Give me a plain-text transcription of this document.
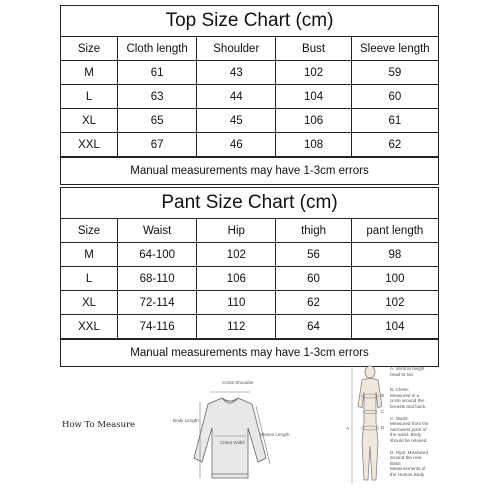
Top Size Chart (cm)
Size	Cloth length	Shoulder	Bust	Sleeve length
M	61	43	102	59
L	63	44	104	60
XL	65	45	106	61
XXL	67	46	108	62
Manual measurements may have 1-3cm errors
Pant Size Chart (cm)
Size	Waist	Hip	thigh	pant length
M	64-100	102	56	98
L	68-110	106	60	100
XL	72-114	110	62	102
XXL	74-116	112	64	104
Manual measurements may have 1-3cm errors
How To Measure
Cross Shoulder
Body Length
Chest Width
Sleeve Length
A
B
C
D
A. Vertical height head to toe.
B. Chest: Measured in a circle around the breasts and back.
C. Waist: Measured from the narrowest point of the waist. Body should be relaxed.
D. Hips: Measured around the rear. Basic Measurements of the Human Body
